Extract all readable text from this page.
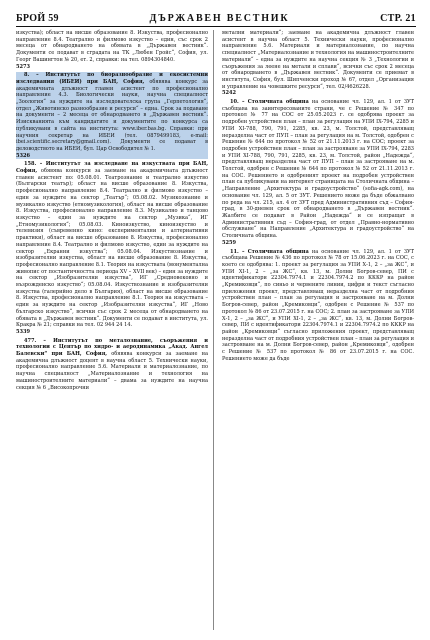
БРОЙ 59	ДЪРЖАВЕН ВЕСТНИК	СТР. 21

изкуства); област на висше образование 8. Изкуства, професионално направление 8.4. Театрално и филмово изкуство – един, със срок 2 месеца от обнародването на обявата в „Държавен вестник“. Документи се подават в сградата на ТК „Любен Гройс“, София, ул. Георг Вашингтон № 20, ет. 2, справки: на тел. 0894304840.

5273

8. – Институтът по биоразнообразие и екосистемни изследвания (ИБЕИ) при БАН, София, обявява конкурс за академичната длъжност главен асистент по професионално направление 4.3. Биологически науки, научна специалност „Зоология“ за нуждите на изследователска група „Герпетология“, отдел „Животинско разнообразие и ресурси“ – една. Срок за подаване на документи – 2 месеца от обнародването в „Държавен вестник“. Изискванията към кандидатите и документите по конкурса са публикувани в сайта на института: www.iber.bas.bg. Справки: при научния секретар на ИБЕИ (тел. 0879499183, e-mail: ibei.scientific.secretary@gmail.com). Документи се подават в деловодството на ИБЕИ, бул. Цар Освободител № 1.

5326

158. – Институтът за изследване на изкуствата при БАН, София, обявява конкурси за заемане на академичната длъжност главен асистент по: 05.08.01. Театрознание и театрално изкуство (Български театър); област на висше образование 8. Изкуства, професионално направление 8.4. Театрално и филмово изкуство – един за нуждите на сектор „Театър“; 05.08.02. Музикознание и музикално изкуство (етномузикология), област на висше образование 8. Изкуства, професионално направление 8.3. Музикално и танцово изкуство – един за нуждите на сектор „Музика“, ИГ „Етномузикология“; 05.08.03. Киноизкуство, киноизкуство и телевизия (съвременно кино: експериментални и алтернативни практики), област на висше образование 8. Изкуства, професионално направление 8.4. Театрално и филмово изкуство, един за нуждите на сектор „Екранни изкуства“; 05.08.04. Изкуствознание и изобразителни изкуства, област на висше образование 8. Изкуства, професионално направление 8.1. Теория на изкуствата (монументална живопис от постантичността периода XV – XVII век) – един за нуждите на сектор „Изобразителни изкуства“, ИГ „Средновековно и възрожденско изкуство“; 05.08.04. Изкуствознание и изобразителни изкуства (галерийно дело в България), област на висше образование 8. Изкуства, професионално направление 8.1. Теория на изкуствата – един за нуждите на сектор „Изобразителни изкуства“, ИГ „Ново българско изкуство“, всички със срок 2 месеца от обнародването на обявата в „Държавен вестник“. Документи се подават в института, ул. Кракра № 21; справки на тел. 02 944 24 14.

5339

477. – Институтът по металознание, съоръжения и технологии с Център по хидро- и аеродинамика „Акад. Ангел Балевски“ при БАН, София, обявява конкурси за заемане на академична длъжност доцент в научна област 5. Технически науки, професионално направление 5.6. Материали и материалознание, по научна специалност „Материалознание и технология на машиностроителните материали“ – двама за нуждите на научна секция № 6 „Високопрочни

метални материали“; заемане на академична длъжност главен асистент в научна област 5. Технически науки, професионално направление 5.6. Материали и материалознание, по научна специалност „Материалознание и технология на машиностроителните материали“ – една за нуждите на научна секция № 3 „Технологии и съоръжения за леене на метали и сплави“, всички със срок 2 месеца от обнародването в „Държавен вестник“. Документи се приемат в института, София, бул. Шипченски проход № 67, отдел „Организация и управление на човешките ресурси“, тел. 02/4626228.

5242

10. – Столичната община на основание чл. 129, ал. 1 от ЗУТ съобщава на заинтересованите страни, че с Решение № 347 по протокол № 77 на СОС от 25.05.2023 г. се одобрява проект за подробен устройствен план – план за регулация на УПИ IX-794, 2285 и УПИ XI-788, 790, 791, 2285, кв. 23, м. Толстой, представляващ неразделна част от ПУП – план за регулация на м. Толстой, одобрен с Решение № 644 по протокол № 52 от 21.11.2013 г. на СОС; проект за подробен устройствен план – план за застрояване за УПИ IX-794, 2283 и УПИ XI-788, 790, 791, 2285, кв. 23, м. Толстой, район „Надежда“, представляващ неразделна част от ПУП – план за застрояване на м. Толстой, одобрен с Решение № 644 по протокол № 52 от 21.11.2013 г. на СОС. Решението и одобреният проект на подробен устройствен план са публикувани на интернет страницата на Столичната община – „Направление „Архитектура и градоустройство“ (sofia-agk.com), на основание чл. 129, ал. 5 от ЗУТ. Решението може да бъде обжалвано по реда на чл. 215, ал. 4 от ЗУТ пред Административния съд – София-град, в 30-дневен срок от обнародването в „Държавен вестник“. Жалбите се подават в Район „Надежда“ и се изпращат в Административния съд – София-град, от отдел „Правно-нормативно обслужване“ на Направление „Архитектура и градоустройство“ на Столичната община.

5259

11. – Столичната община на основание чл. 129, ал. 1 от ЗУТ съобщава Решение № 436 по протокол № 78 от 15.06.2023 г. на СОС, с което се одобрява: 1. проект за регулация за УПИ Х-1, 2 – „за ЖС“, и УПИ ХІ-1, 2 – „за ЖС“, кв. 13, м. Долни Богров-север, ПИ с идентификатори 22304.7974.1 и 22304.7974.2 по КККР на район „Кремиковци“, по синьо и червените линии, цифри и текст съгласно приложения проект, представляващ неразделна част от подробния устройствен план – план за регулация и застрояване на м. Долни Богров-север, район „Кремиковци“, одобрен с Решение № 537 по протокол № 86 от 23.07.2015 г. на СОС; 2. план за застрояване за УПИ Х-1, 2 – „за ЖС“, и УПИ ХІ-1, 2 – „за ЖС“, кв. 13, м. Долни Богров-север, ПИ с идентификатори 22304.7974.1 и 22304.7974.2 по КККР на район „Кремиковци“ съгласно приложения проект, представляващ неразделна част от подробния устройствен план – план за регулация и застрояване на м. Долни Богров-север, район „Кремиковци“, одобрен с Решение № 537 по протокол № 86 от 23.07.2015 г. на СОС. Решението може да бъде
